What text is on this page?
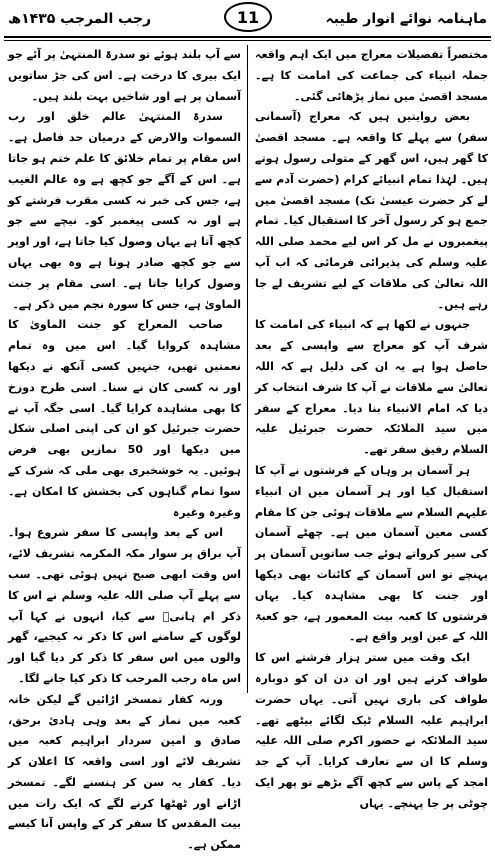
ماہنامہ نوائے انوار طیبہ
رجب المرجب ۱۴۳۵ھ	11

مختصراً تفصیلات معراج میں ایک اہم واقعہ جملہ انبیاء کی جماعت کی امامت کا ہے۔ مسجد اقصیٰ میں نماز پڑھائی گئی۔

بعض روایتیں ہیں کہ معراج (آسمانی سفر) سے پہلے کا واقعہ ہے۔ مسجد اقصیٰ کا گھر ہیں، اس گھر کے متولی رسول ہوتے ہیں۔ لہٰذا تمام انبیائے کرام (حضرت آدم سے لے کر حضرت عیسیٰ تک) مسجد اقصیٰ میں جمع ہو کر رسول آخر کا استقبال کیا۔ تمام پیغمبروں نے مل کر اس لیے محمد صلی اللہ علیہ وسلم کی پذیرائی فرمائی کہ اب آپ اللہ تعالیٰ کی ملاقات کے لیے تشریف لے جا رہے ہیں۔

جنہوں نے لکھا ہے کہ انبیاء کی امامت کا شرف آپ کو معراج سے واپسی کے بعد حاصل ہوا ہے یہ ان کی دلیل ہے کہ اللہ تعالیٰ سے ملاقات نے آپ کا شرف انتخاب کر دیا کہ امام الانبیاء بنا دیا۔ معراج کے سفر میں سید الملائکہ حضرت جبرئیل علیہ السلام رفیق سفر تھے۔

ہر آسمان پر وہاں کے فرشتوں نے آپ کا استقبال کیا اور ہر آسمان میں ان انبیاء علیہم السلام سے ملاقات ہوئی جن کا مقام کسی معین آسمان میں ہے۔ چھٹے آسمان کی سیر کرواتے ہوئے جب ساتویں آسمان پر پہنچے تو اس آسمان کے کائنات بھی دیکھا اور جنت کا بھی مشاہدہ کیا۔ یہاں فرشتوں کا کعبہ بیت المعمور ہے، جو کعبۃ اللہ کے عین اوپر واقع ہے۔

ایک وقت میں ستر ہزار فرشتے اس کا طواف کرتے ہیں اور ان دن ان کو دوبارہ طواف کی باری نہیں آتی۔ یہاں حضرت ابراہیم علیہ السلام ٹیک لگائے بیٹھے تھے۔ سید الملائکہ نے حضور اکرم صلی اللہ علیہ وسلم کا ان سے تعارف کرایا۔ آپ کے جد امجد کے پاس سے کچھ آگے بڑھے تو پھر ایک چوٹی پر جا پہنچے۔ یہاں

سے آپ بلند ہوئے تو سدرۃ المنتہیٰ پر آئے جو ایک بیری کا درخت ہے۔ اس کی جڑ ساتویں آسمان پر ہے اور شاخیں بہت بلند ہیں۔

سدرۃ المنتہیٰ عالم خلق اور رب السموات والارض کے درمیان حد فاصل ہے۔ اس مقام پر تمام خلائق کا علم ختم ہو جاتا ہے۔ اس کے آگے جو کچھ ہے وہ عالم الغیب ہے، جس کی خبر نہ کسی مقرب فرشتے کو ہے اور نہ کسی پیغمبر کو۔ نیچے سے جو کچھ آتا ہے یہاں وصول کیا جاتا ہے، اور اوپر سے جو کچھ صادر ہوتا ہے وہ بھی یہاں وصول کرایا جاتا ہے۔ اسی مقام پر جنت الماویٰ ہے، جس کا سورہ نجم میں ذکر ہے۔

صاحب المعراج کو جنت الماویٰ کا مشاہدہ کروایا گیا۔ اس میں وہ تمام نعمتیں تھیں، جنہیں کسی آنکھ نے دیکھا اور نہ کسی کان نے سنا۔ اسی طرح دوزخ کا بھی مشاہدہ کرایا گیا۔ اسی جگہ آپ نے حضرت جبرئیل کو ان کی اپنی اصلی شکل میں دیکھا اور 50 نمازیں بھی فرض ہوئیں۔ یہ خوشخبری بھی ملی کہ شرک کے سوا تمام گناہوں کی بخشش کا امکان ہے۔ وغیرہ وغیرہ

اس کے بعد واپسی کا سفر شروع ہوا۔ آپ براق پر سوار مکہ المکرمہ تشریف لائے، اس وقت ابھی صبح نہیں ہوئی تھی۔ سب سے پہلے آپ صلی اللہ علیہ وسلم نے اس کا ذکر ام ہانیؓ سے کیا، انہوں نے کہا آپ لوگوں کے سامنے اس کا ذکر نہ کیجیے، گھر والوں میں اس سفر کا ذکر کر دیا گیا اور اس ماہ رجب المرجب کا ذکر کیا جانے لگا۔

ورنہ کفار تمسخر اڑائیں گے لیکن خانہ کعبہ میں نماز کے بعد وہی ہادیٔ برحق، صادق و امین سردار ابراہیم کعبہ میں تشریف لائے اور اسی واقعہ کا اعلان کر دیا۔ کفار یہ سن کر ہنسنے لگے۔ تمسخر اڑانے اور ٹھٹھا کرنے لگے کہ ایک رات میں بیت المقدس کا سفر کر کے واپس آنا کیسے ممکن ہے۔
